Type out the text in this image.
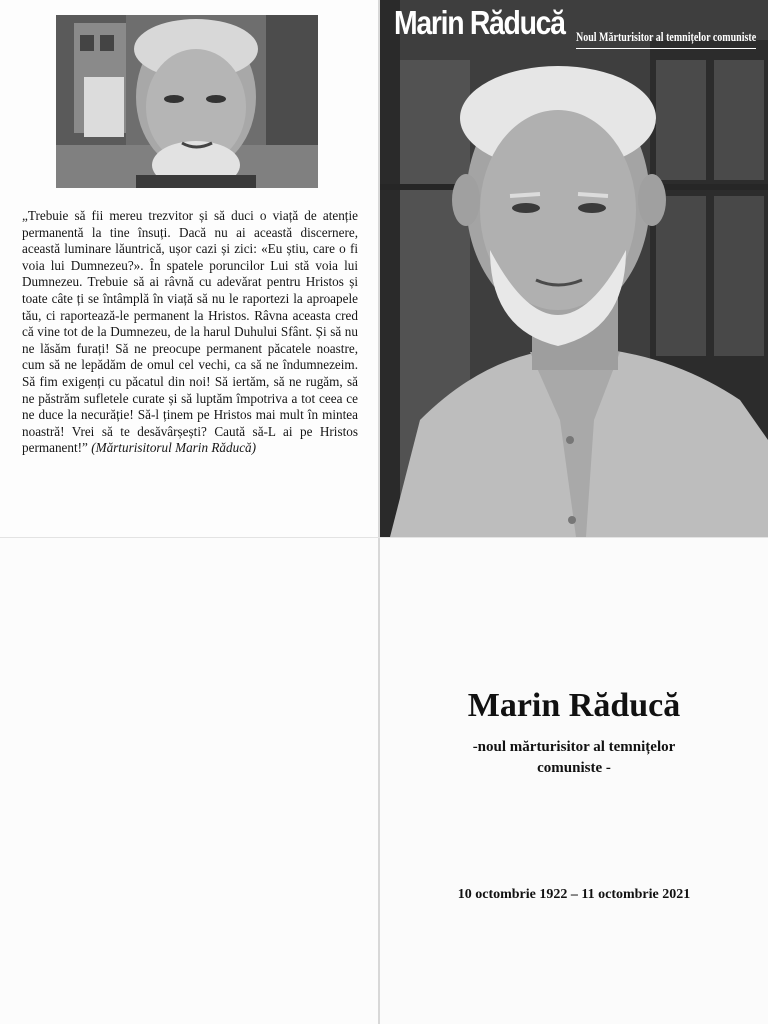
„Trebuie să fii mereu trezvitor și să duci o viață de atenție permanentă la tine însuți. Dacă nu ai această discernere, această luminare lăuntrică, ușor cazi și zici: «Eu știu, care o fi voia lui Dumnezeu?». În spatele poruncilor Lui stă voia lui Dumnezeu. Trebuie să ai râvnă cu adevărat pentru Hristos și toate câte ți se întâmplă în viață să nu le raportezi la aproapele tău, ci raportează-le permanent la Hristos. Râvna aceasta cred că vine tot de la Dumnezeu, de la harul Duhului Sfânt. Și să nu ne lăsăm furați! Să ne preocupe permanent păcatele noastre, cum să ne lepădăm de omul cel vechi, ca să ne îndumnezeim. Să fim exigenți cu păcatul din noi! Să iertăm, să ne rugăm, să ne păstrăm sufletele curate și să luptăm împotriva a tot ceea ce ne duce la necurăție! Să-l ținem pe Hristos mai mult în mintea noastră! Vrei să te desăvârșești? Caută să-L ai pe Hristos permanent!” (Mărturisitorul Marin Răducă)
Marin Răducă Noul Mărturisitor al temnițelor comuniste
Marin Răducă
-noul mărturisitor al temnițelor comuniste -
10 octombrie 1922 – 11 octombrie 2021
